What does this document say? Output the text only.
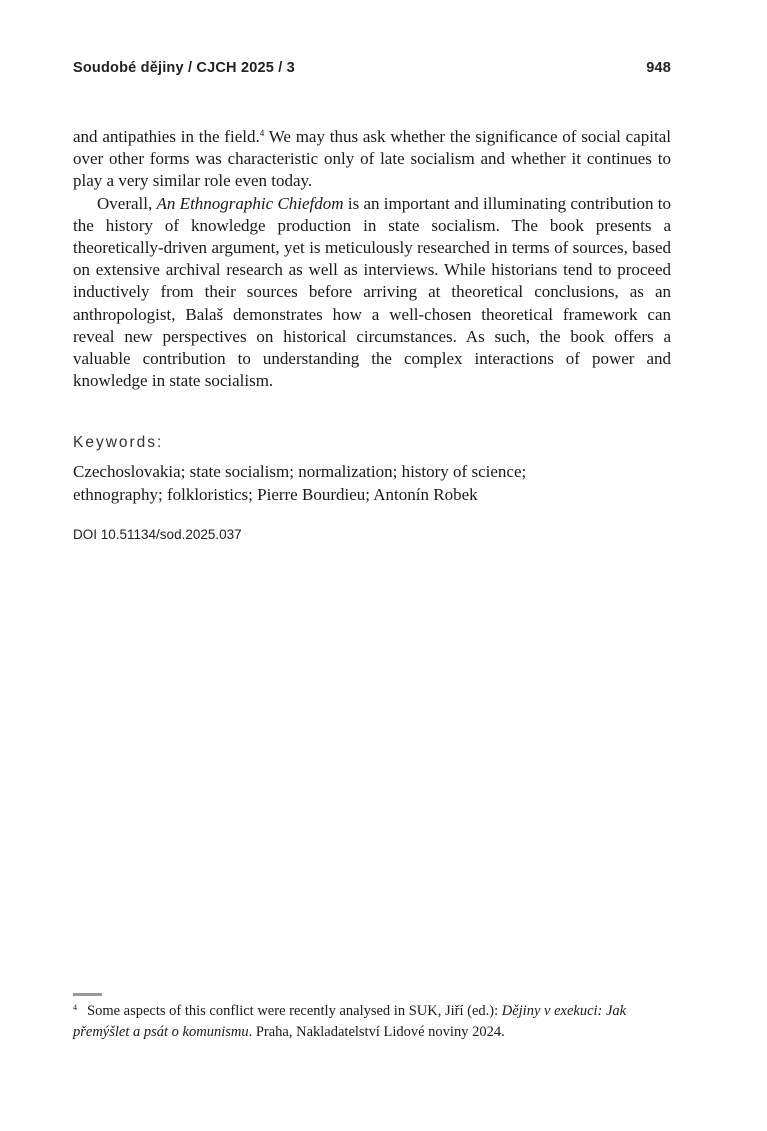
Soudobé dějiny / CJCH 2025 / 3	948

and antipathies in the field.$^4$ We may thus ask whether the significance of social capital over other forms was characteristic only of late socialism and whether it continues to play a very similar role even today.

Overall, An Ethnographic Chiefdom is an important and illuminating contribution to the history of knowledge production in state socialism. The book presents a theoretically-driven argument, yet is meticulously researched in terms of sources, based on extensive archival research as well as interviews. While historians tend to proceed inductively from their sources before arriving at theoretical conclusions, as an anthropologist, Balaš demonstrates how a well-chosen theoretical framework can reveal new perspectives on historical circumstances. As such, the book offers a valuable contribution to understanding the complex interactions of power and knowledge in state socialism.

Keywords:
Czechoslovakia; state socialism; normalization; history of science;
ethnography; folkloristics; Pierre Bourdieu; Antonín Robek
DOI 10.51134/sod.2025.037
$^4$ Some aspects of this conflict were recently analysed in SUK, Jiří (ed.): Dějiny v exekuci: Jak přemýšlet a psát o komunismu. Praha, Nakladatelství Lidové noviny 2024.
